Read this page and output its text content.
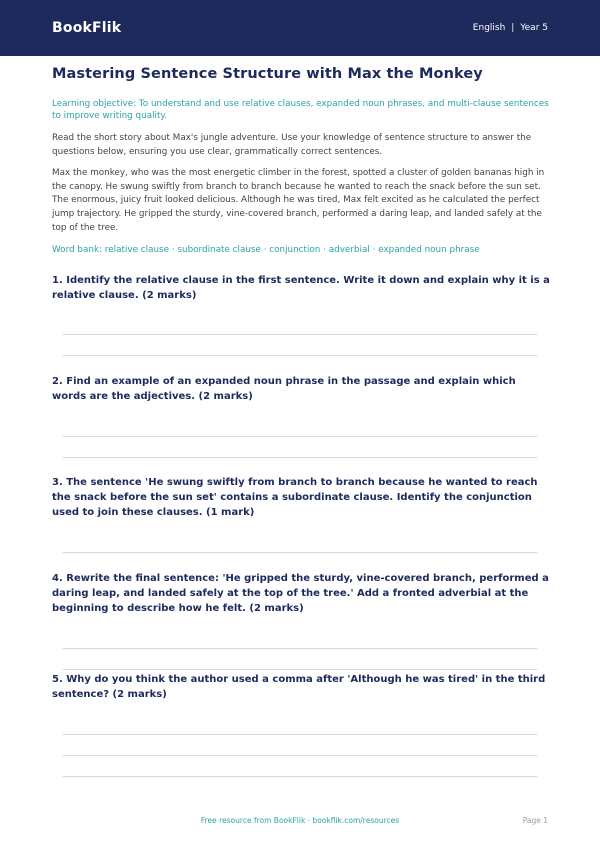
BookFlik	English | Year 5
Mastering Sentence Structure with Max the Monkey

Learning objective: To understand and use relative clauses, expanded noun phrases, and multi-clause sentences to improve writing quality.

Read the short story about Max's jungle adventure. Use your knowledge of sentence structure to answer the questions below, ensuring you use clear, grammatically correct sentences.

Max the monkey, who was the most energetic climber in the forest, spotted a cluster of golden bananas high in the canopy. He swung swiftly from branch to branch because he wanted to reach the snack before the sun set. The enormous, juicy fruit looked delicious. Although he was tired, Max felt excited as he calculated the perfect jump trajectory. He gripped the sturdy, vine-covered branch, performed a daring leap, and landed safely at the top of the tree.

Word bank: relative clause · subordinate clause · conjunction · adverbial · expanded noun phrase

1. Identify the relative clause in the first sentence. Write it down and explain why it is a relative clause. (2 marks)

2. Find an example of an expanded noun phrase in the passage and explain which words are the adjectives. (2 marks)

3. The sentence 'He swung swiftly from branch to branch because he wanted to reach the snack before the sun set' contains a subordinate clause. Identify the conjunction used to join these clauses. (1 mark)

4. Rewrite the final sentence: 'He gripped the sturdy, vine-covered branch, performed a daring leap, and landed safely at the top of the tree.' Add a fronted adverbial at the beginning to describe how he felt. (2 marks)

5. Why do you think the author used a comma after 'Although he was tired' in the third sentence? (2 marks)

Free resource from BookFlik · bookflik.com/resources	Page 1
